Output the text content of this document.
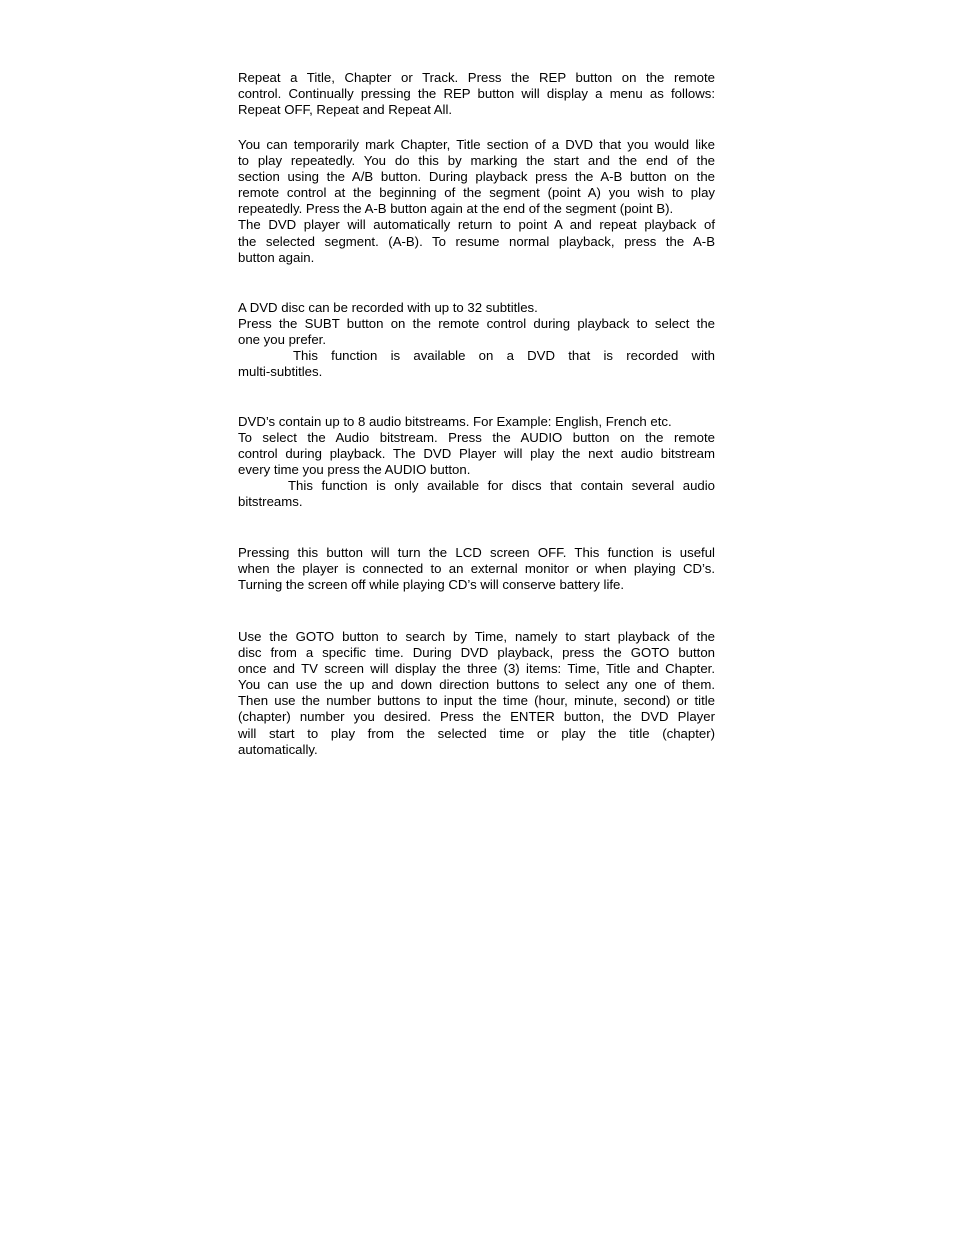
Repeat a Title, Chapter or Track. Press the REP button on the remote
control. Continually pressing the REP button will display a menu as follows:
Repeat OFF, Repeat and Repeat All.

You can temporarily mark Chapter, Title section of a DVD that you would like
to play repeatedly. You do this by marking the start and the end of the
section using the A/B button. During playback press the A-B button on the
remote control at the beginning of the segment (point A) you wish to play
repeatedly. Press the A-B button again at the end of the segment (point B).
The DVD player will automatically return to point A and repeat playback of
the selected segment. (A-B). To resume normal playback, press the A-B
button again.

A DVD disc can be recorded with up to 32 subtitles.
Press the SUBT button on the remote control during playback to select the
one you prefer.
This function is available on a DVD that is recorded with
multi-subtitles.

DVD’s contain up to 8 audio bitstreams. For Example: English, French etc.
To select the Audio bitstream. Press the AUDIO button on the remote
control during playback. The DVD Player will play the next audio bitstream
every time you press the AUDIO button.
This function is only available for discs that contain several audio
bitstreams.

Pressing this button will turn the LCD screen OFF. This function is useful
when the player is connected to an external monitor or when playing CD’s.
Turning the screen off while playing CD’s will conserve battery life.

Use the GOTO button to search by Time, namely to start playback of the
disc from a specific time. During DVD playback, press the GOTO button
once and TV screen will display the three (3) items: Time, Title and Chapter.
You can use the up and down direction buttons to select any one of them.
Then use the number buttons to input the time (hour, minute, second) or title
(chapter) number you desired. Press the ENTER button, the DVD Player
will start to play from the selected time or play the title (chapter)
automatically.
